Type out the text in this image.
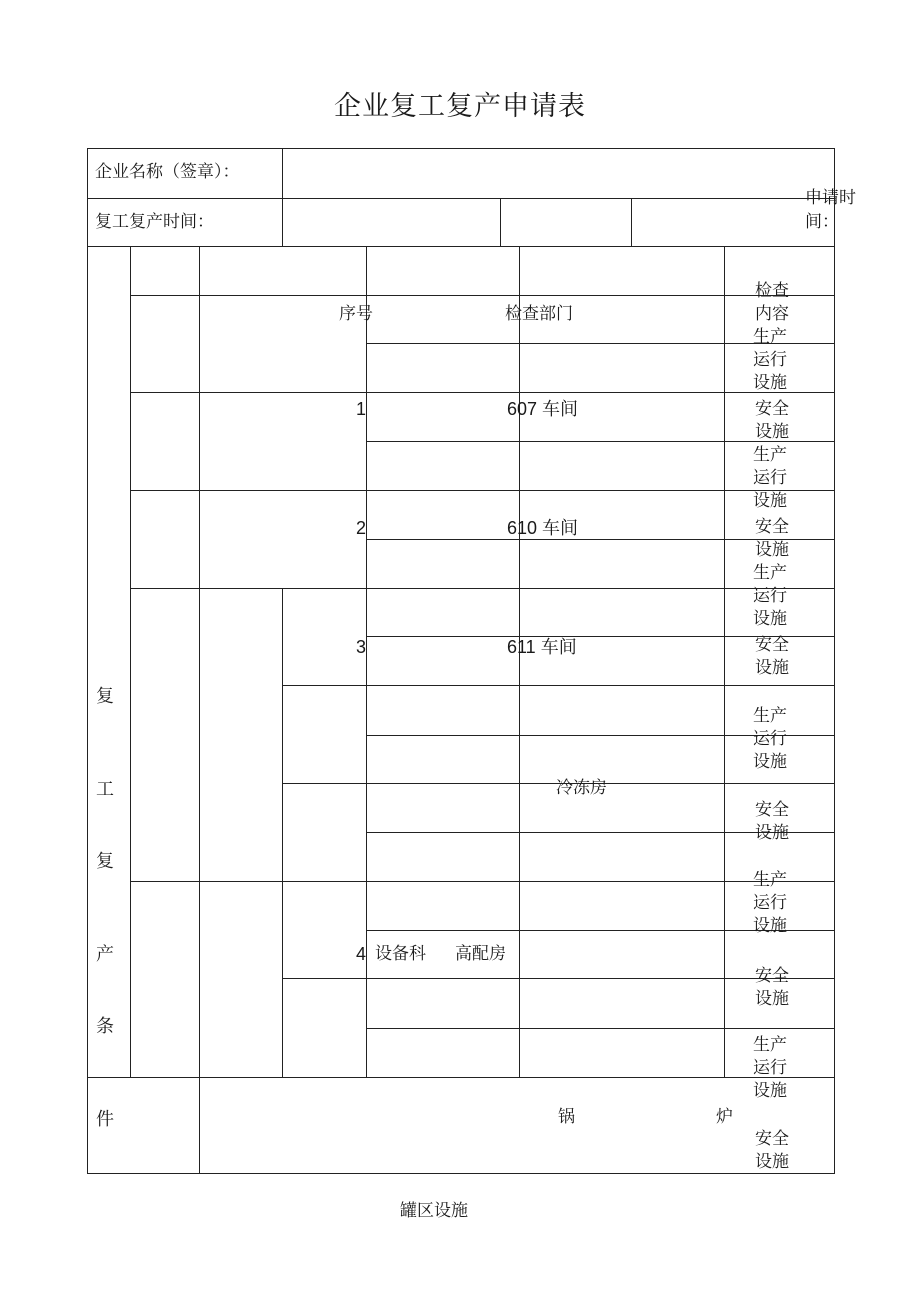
企业复工复产申请表
企业名称（签章）：
复工复产时间：
申请时
间：
复
工
复
产
条
件
序号	检查部门
1
2
3
4
607 车间
610 车间
611 车间
设备科 高配房
冷冻房
锅	炉
罐区设施
检查
内容
生产
运行
设施
安全
设施
生产
运行
设施
安全
设施
生产
运行
设施
安全
设施
生产
运行
设施
安全
设施
生产
运行
设施
安全
设施
生产
运行
设施
安全
设施
